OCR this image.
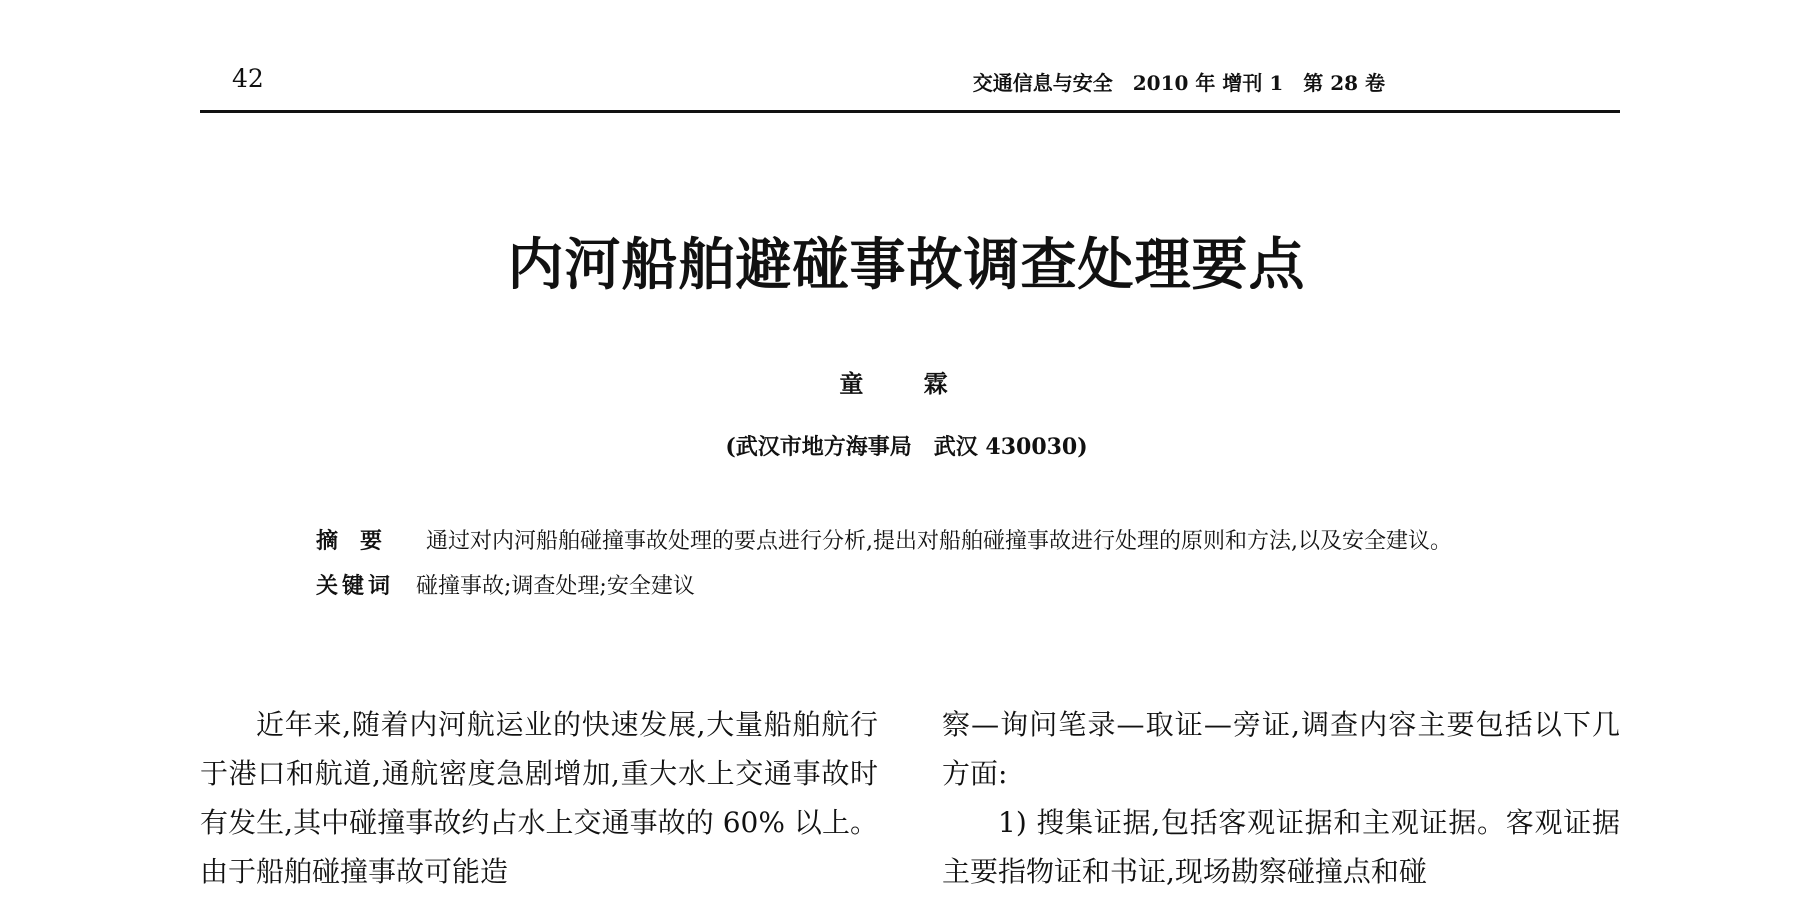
42	交通信息与安全　2010 年 增刊 1　第 28 卷
内河船舶避碰事故调查处理要点
童 霖
(武汉市地方海事局　武汉 430030)
摘要 通过对内河船舶碰撞事故处理的要点进行分析,提出对船舶碰撞事故进行处理的原则和方法,以及安全建议。
关键词 碰撞事故;调查处理;安全建议

近年来,随着内河航运业的快速发展,大量船舶航行于港口和航道,通航密度急剧增加,重大水上交通事故时有发生,其中碰撞事故约占水上交通事故的 60% 以上。由于船舶碰撞事故可能造

察—询问笔录—取证—旁证,调查内容主要包括以下几方面:

1) 搜集证据,包括客观证据和主观证据。客观证据主要指物证和书证,现场勘察碰撞点和碰
